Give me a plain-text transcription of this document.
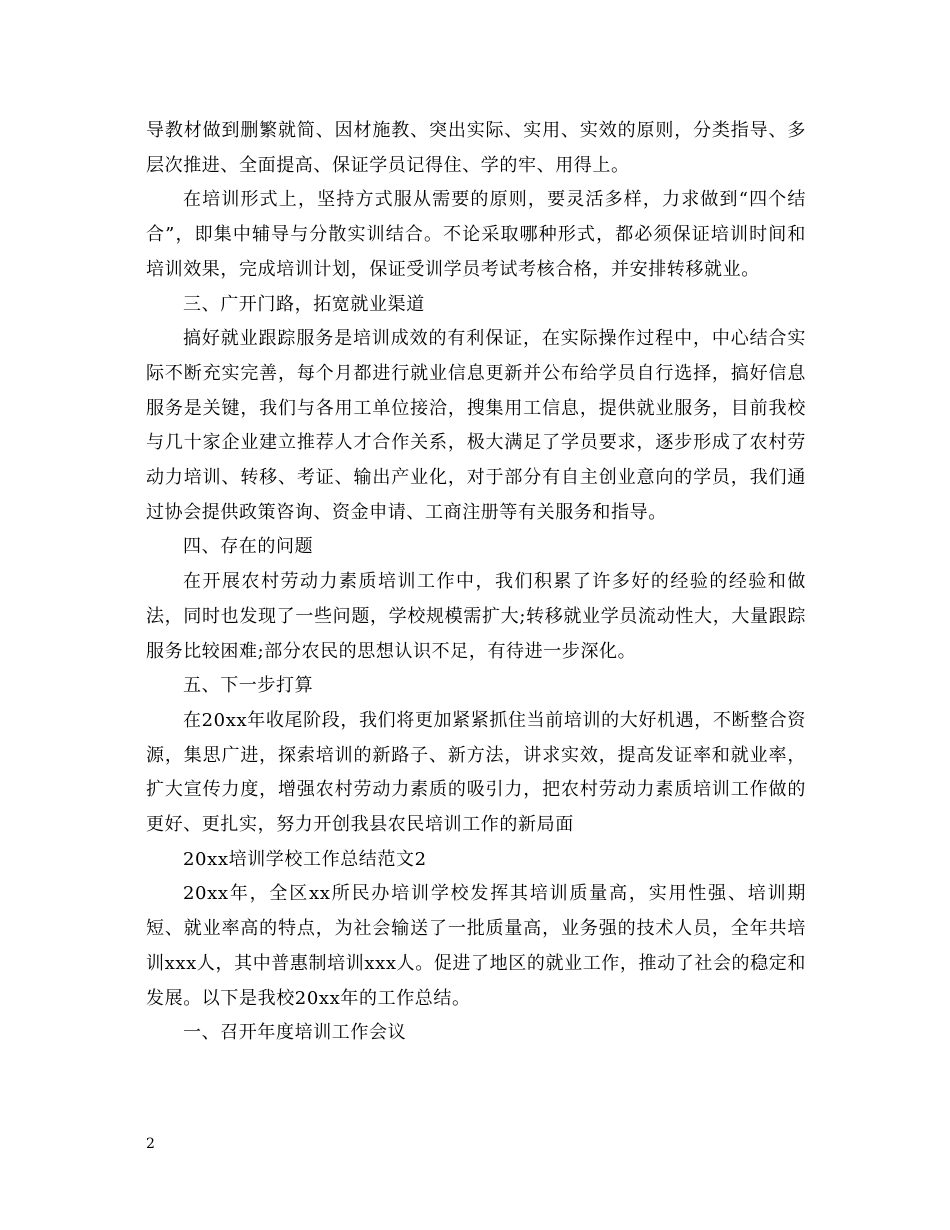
导教材做到删繁就简、因材施教、突出实际、实用、实效的原则，分类指导、多层次推进、全面提高、保证学员记得住、学的牢、用得上。

在培训形式上，坚持方式服从需要的原则，要灵活多样，力求做到“四个结合”，即集中辅导与分散实训结合。不论采取哪种形式，都必须保证培训时间和培训效果，完成培训计划，保证受训学员考试考核合格，并安排转移就业。

三、广开门路，拓宽就业渠道

搞好就业跟踪服务是培训成效的有利保证，在实际操作过程中，中心结合实际不断充实完善，每个月都进行就业信息更新并公布给学员自行选择，搞好信息服务是关键，我们与各用工单位接洽，搜集用工信息，提供就业服务，目前我校与几十家企业建立推荐人才合作关系，极大满足了学员要求，逐步形成了农村劳动力培训、转移、考证、输出产业化，对于部分有自主创业意向的学员，我们通过协会提供政策咨询、资金申请、工商注册等有关服务和指导。

四、存在的问题

在开展农村劳动力素质培训工作中，我们积累了许多好的经验的经验和做法，同时也发现了一些问题，学校规模需扩大;转移就业学员流动性大，大量跟踪服务比较困难;部分农民的思想认识不足，有待进一步深化。

五、下一步打算

在20xx年收尾阶段，我们将更加紧紧抓住当前培训的大好机遇，不断整合资源，集思广进，探索培训的新路子、新方法，讲求实效，提高发证率和就业率，扩大宣传力度，增强农村劳动力素质的吸引力，把农村劳动力素质培训工作做的更好、更扎实，努力开创我县农民培训工作的新局面

20xx培训学校工作总结范文2

20xx年，全区xx所民办培训学校发挥其培训质量高，实用性强、培训期短、就业率高的特点，为社会输送了一批质量高，业务强的技术人员，全年共培训xxx人，其中普惠制培训xxx人。促进了地区的就业工作，推动了社会的稳定和发展。以下是我校20xx年的工作总结。

一、召开年度培训工作会议

2
